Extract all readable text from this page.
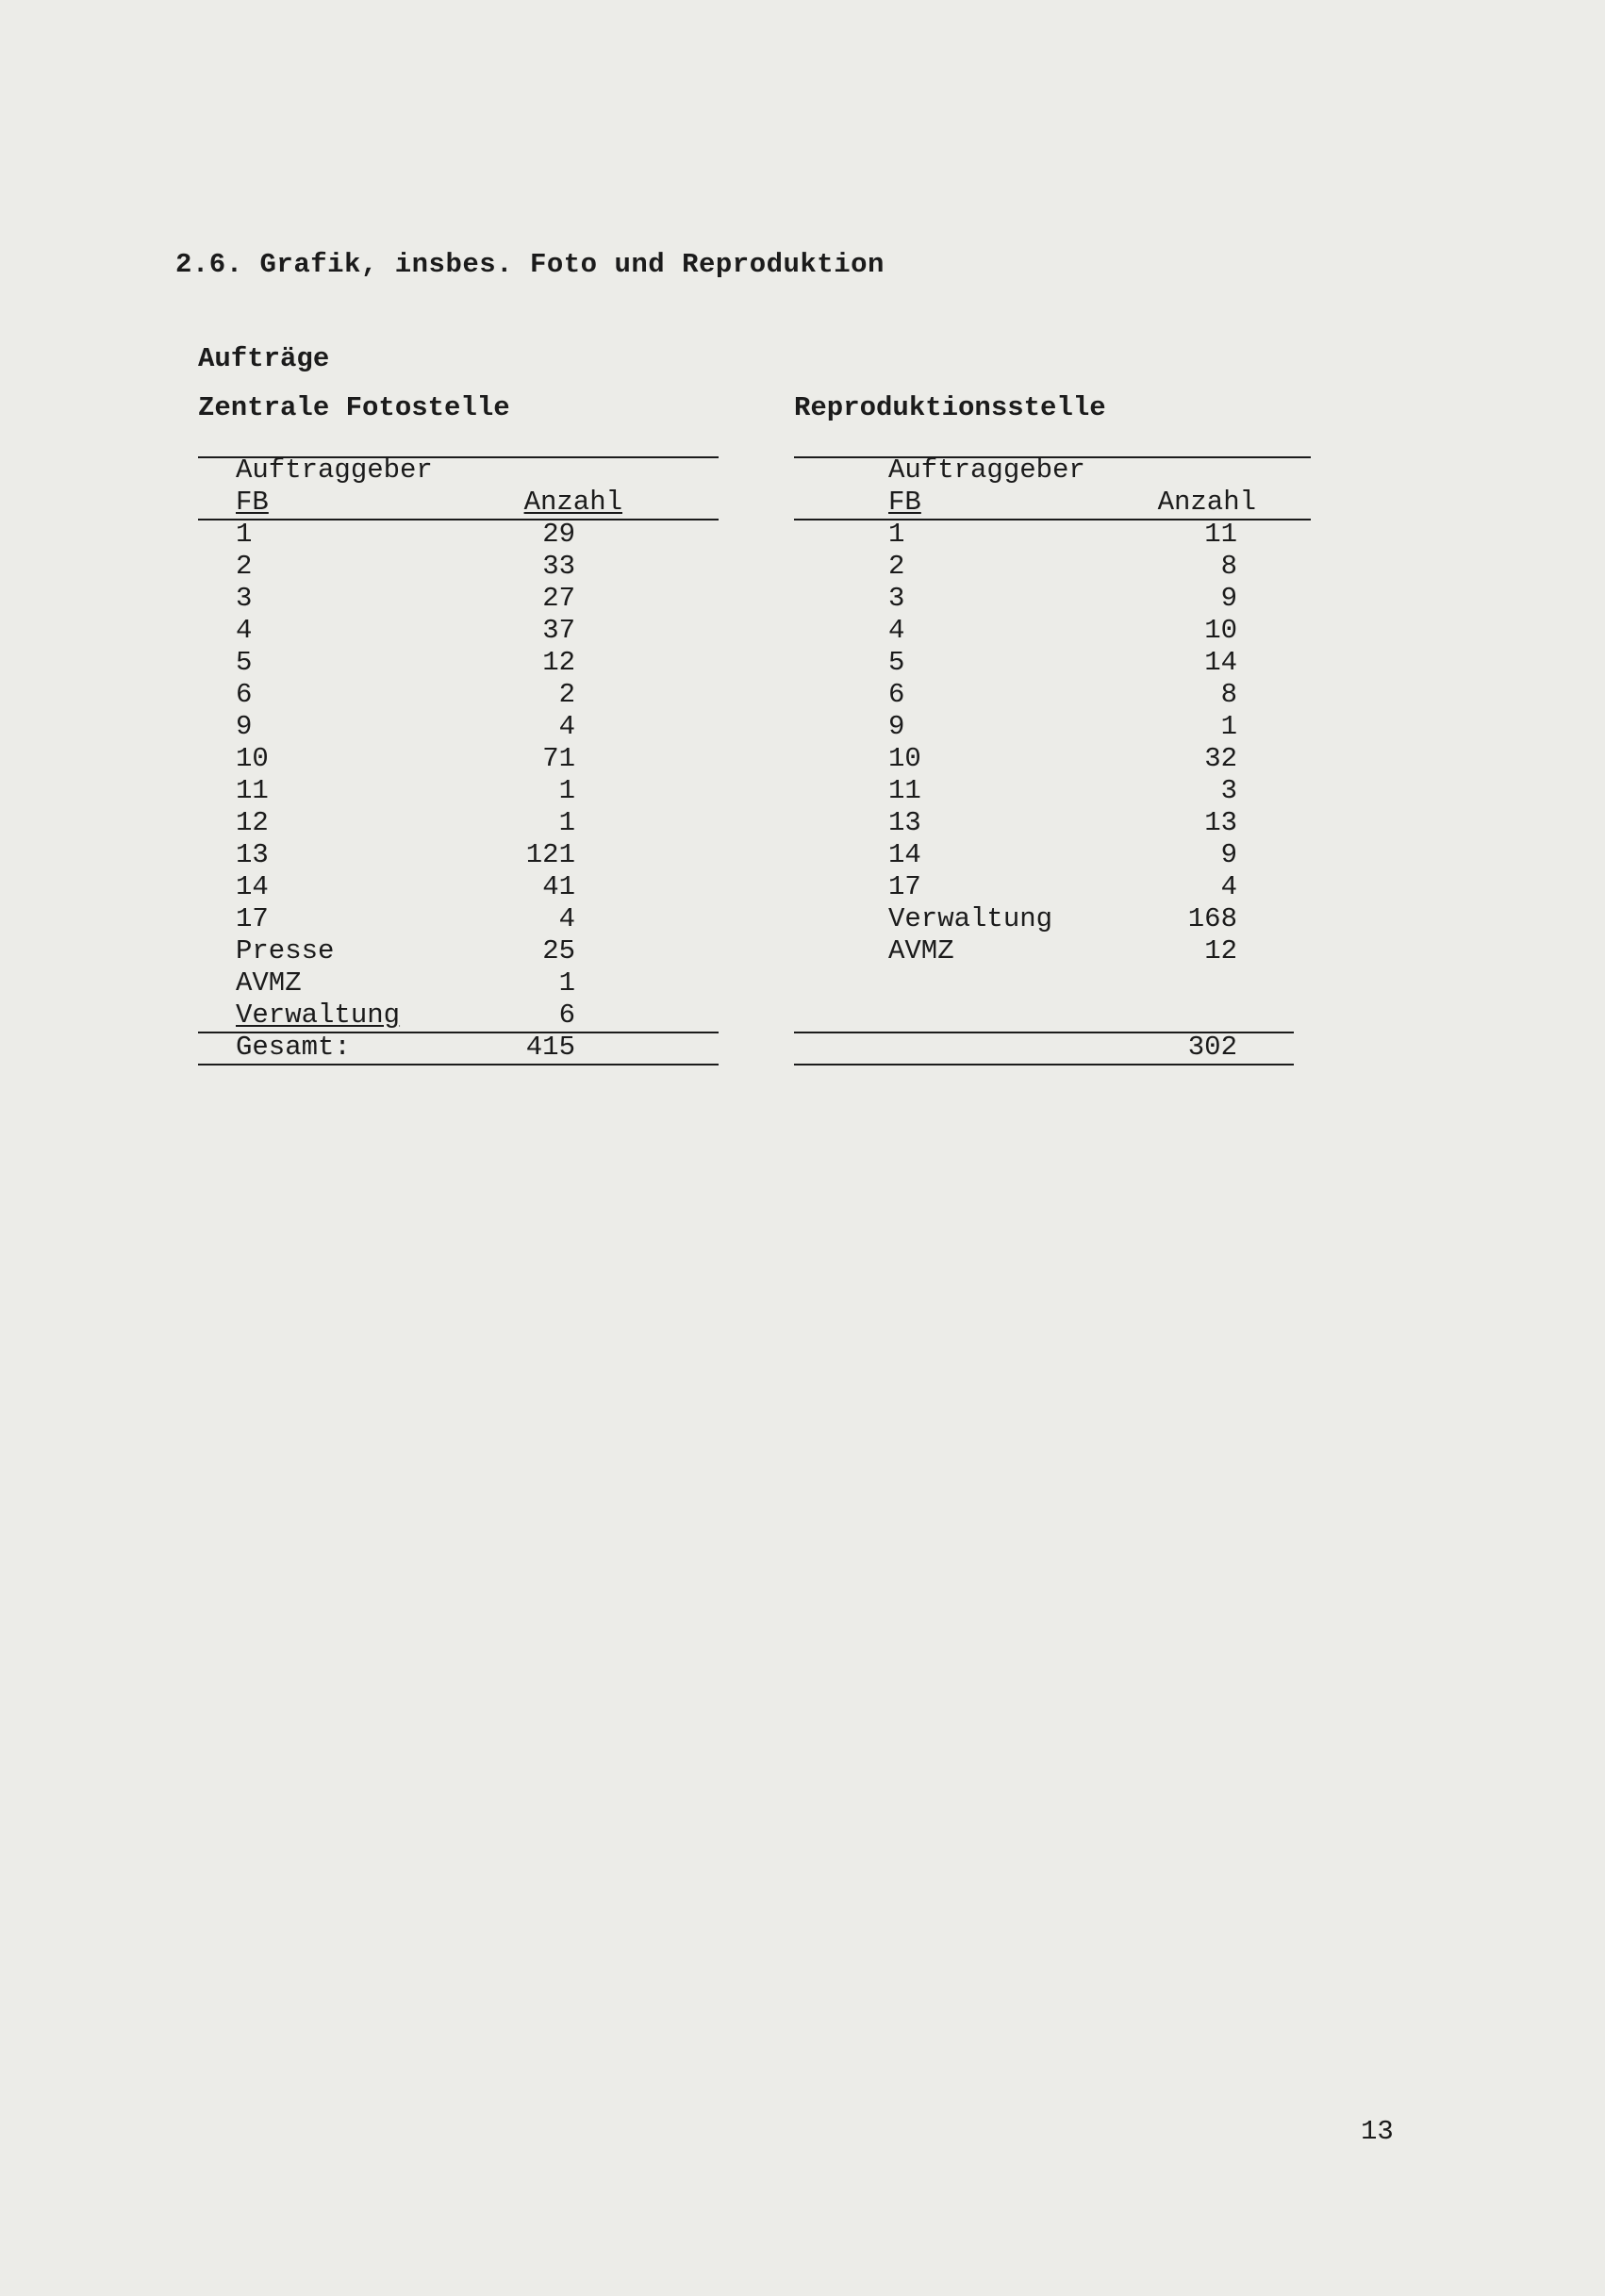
2.6. Grafik, insbes. Foto und Reproduktion
Aufträge
Zentrale Fotostelle	Reproduktionsstelle
Auftraggeber
FB	Anzahl
1	29
2	33
3	27
4	37
5	12
6	2
9	4
10	71
11	1
12	1
13	121
14	41
17	4
Presse	25
AVMZ	1
Verwaltung	6
Gesamt:	415
Auftraggeber
FB	Anzahl
1	11
2	8
3	9
4	10
5	14
6	8
9	1
10	32
11	3
13	13
14	9
17	4
Verwaltung	168
AVMZ	12
302
13
